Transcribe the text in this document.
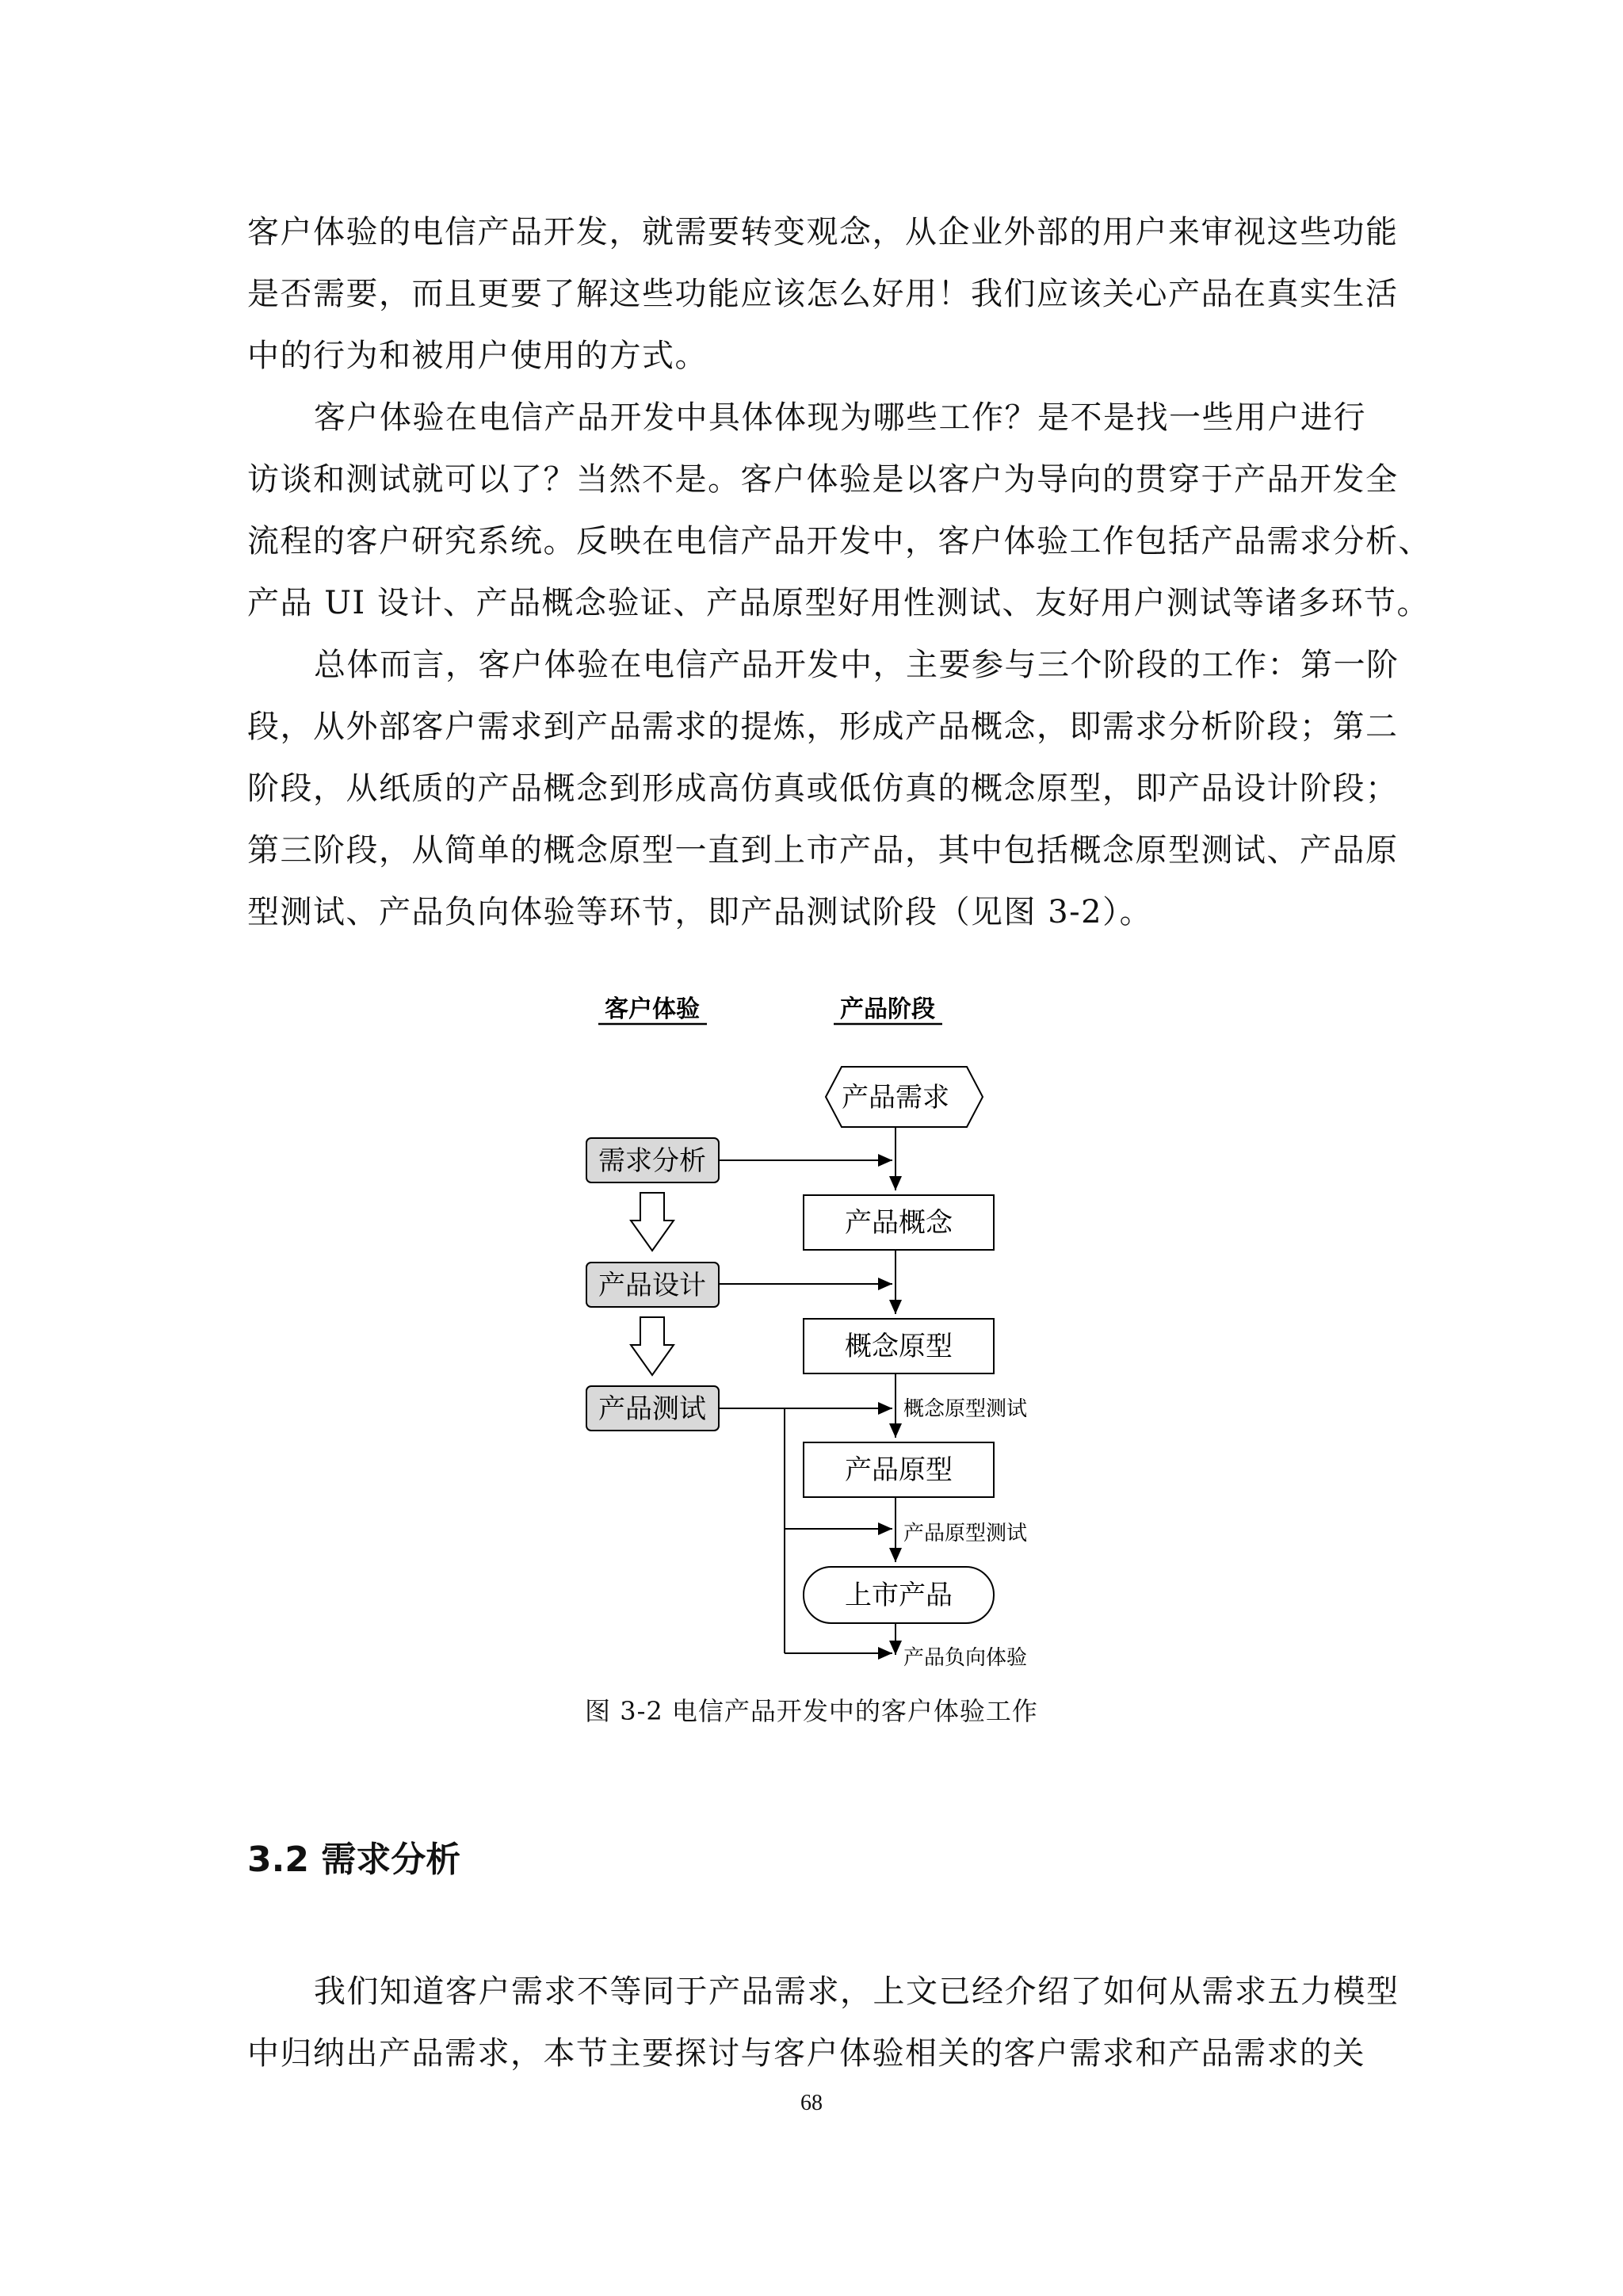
客户体验的电信产品开发，就需要转变观念，从企业外部的用户来审视这些功能
是否需要，而且更要了解这些功能应该怎么好用！我们应该关心产品在真实生活
中的行为和被用户使用的方式。
客户体验在电信产品开发中具体体现为哪些工作？是不是找一些用户进行
访谈和测试就可以了？当然不是。客户体验是以客户为导向的贯穿于产品开发全
流程的客户研究系统。反映在电信产品开发中，客户体验工作包括产品需求分析、
产品 UI 设计、产品概念验证、产品原型好用性测试、友好用户测试等诸多环节。
总体而言，客户体验在电信产品开发中，主要参与三个阶段的工作：第一阶
段，从外部客户需求到产品需求的提炼，形成产品概念，即需求分析阶段；第二
阶段，从纸质的产品概念到形成高仿真或低仿真的概念原型，即产品设计阶段；
第三阶段，从简单的概念原型一直到上市产品，其中包括概念原型测试、产品原
型测试、产品负向体验等环节，即产品测试阶段（见图 3-2）。
客户体验	产品阶段
产品需求
产品概念
概念原型
产品原型
上市产品
需求分析
产品设计
产品测试	概念原型测试
产品原型测试
产品负向体验
图 3-2 电信产品开发中的客户体验工作
3.2 需求分析
我们知道客户需求不等同于产品需求，上文已经介绍了如何从需求五力模型
中归纳出产品需求，本节主要探讨与客户体验相关的客户需求和产品需求的关
68
